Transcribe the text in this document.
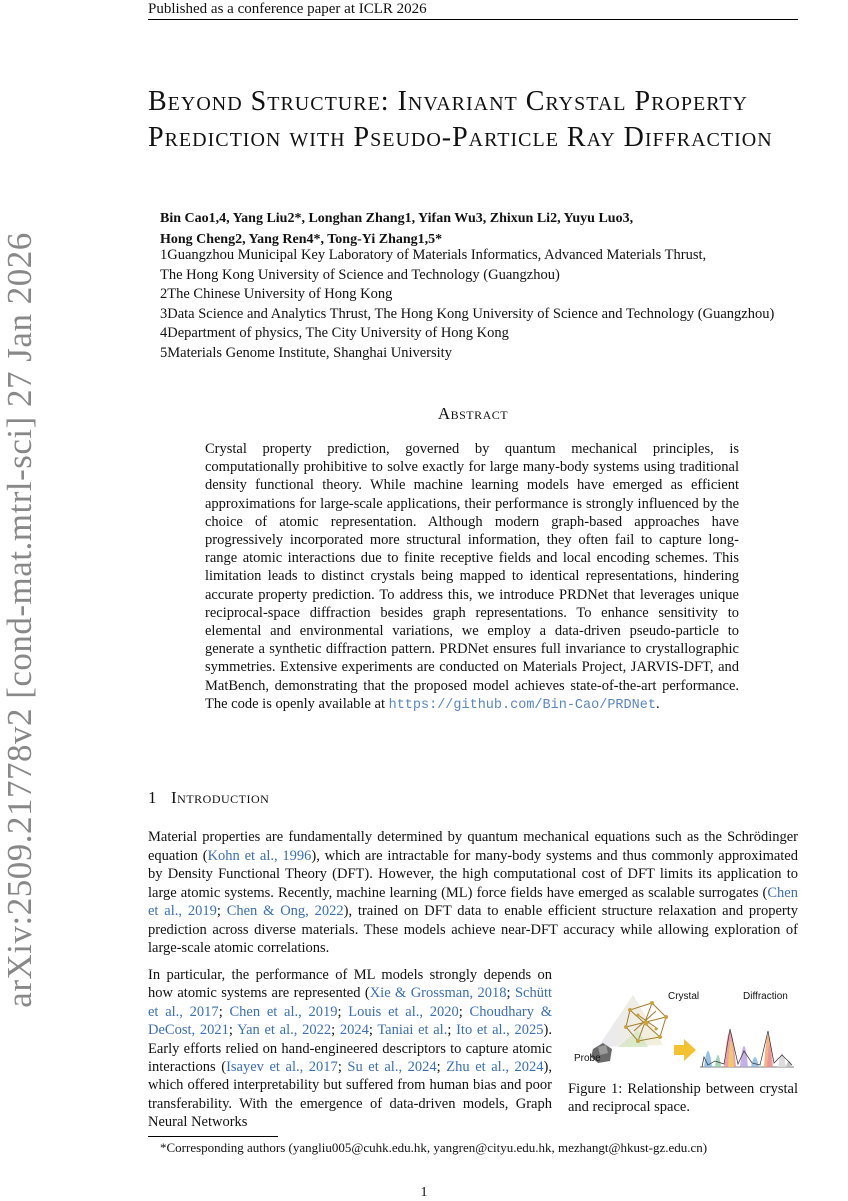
arXiv:2509.21778v2 [cond-mat.mtrl-sci] 27 Jan 2026
Published as a conference paper at ICLR 2026
Beyond Structure: Invariant Crystal Property Prediction with Pseudo-Particle Ray Diffraction
Bin Cao1,4, Yang Liu2*, Longhan Zhang1, Yifan Wu3, Zhixun Li2, Yuyu Luo3,
Hong Cheng2, Yang Ren4*, Tong-Yi Zhang1,5*
1Guangzhou Municipal Key Laboratory of Materials Informatics, Advanced Materials Thrust,
The Hong Kong University of Science and Technology (Guangzhou)
2The Chinese University of Hong Kong
3Data Science and Analytics Thrust, The Hong Kong University of Science and Technology (Guangzhou)
4Department of physics, The City University of Hong Kong
5Materials Genome Institute, Shanghai University
Abstract
Crystal property prediction, governed by quantum mechanical principles, is computationally prohibitive to solve exactly for large many-body systems using traditional density functional theory. While machine learning models have emerged as efficient approximations for large-scale applications, their performance is strongly influenced by the choice of atomic representation. Although modern graph-based approaches have progressively incorporated more structural information, they often fail to capture long-range atomic interactions due to finite receptive fields and local encoding schemes. This limitation leads to distinct crystals being mapped to identical representations, hindering accurate property prediction. To address this, we introduce PRDNet that leverages unique reciprocal-space diffraction besides graph representations. To enhance sensitivity to elemental and environmental variations, we employ a data-driven pseudo-particle to generate a synthetic diffraction pattern. PRDNet ensures full invariance to crystallographic symmetries. Extensive experiments are conducted on Materials Project, JARVIS-DFT, and MatBench, demonstrating that the proposed model achieves state-of-the-art performance. The code is openly available at https://github.com/Bin-Cao/PRDNet.
1 Introduction
Material properties are fundamentally determined by quantum mechanical equations such as the Schrödinger equation (Kohn et al., 1996), which are intractable for many-body systems and thus commonly approximated by Density Functional Theory (DFT). However, the high computational cost of DFT limits its application to large atomic systems. Recently, machine learning (ML) force fields have emerged as scalable surrogates (Chen et al., 2019; Chen & Ong, 2022), trained on DFT data to enable efficient structure relaxation and property prediction across diverse materials. These models achieve near-DFT accuracy while allowing exploration of large-scale atomic correlations.
In particular, the performance of ML models strongly depends on how atomic systems are represented (Xie & Grossman, 2018; Schütt et al., 2017; Chen et al., 2019; Louis et al., 2020; Choudhary & DeCost, 2021; Yan et al., 2022; 2024; Taniai et al.; Ito et al., 2025). Early efforts relied on hand-engineered descriptors to capture atomic interactions (Isayev et al., 2017; Su et al., 2024; Zhu et al., 2024), which offered interpretability but suffered from human bias and poor transferability. With the emergence of data-driven models, Graph Neural Networks
Crystal	Diffraction
Probe
Figure 1: Relationship between crystal and reciprocal space.
*Corresponding authors (yangliu005@cuhk.edu.hk, yangren@cityu.edu.hk, mezhangt@hkust-gz.edu.cn)
1
